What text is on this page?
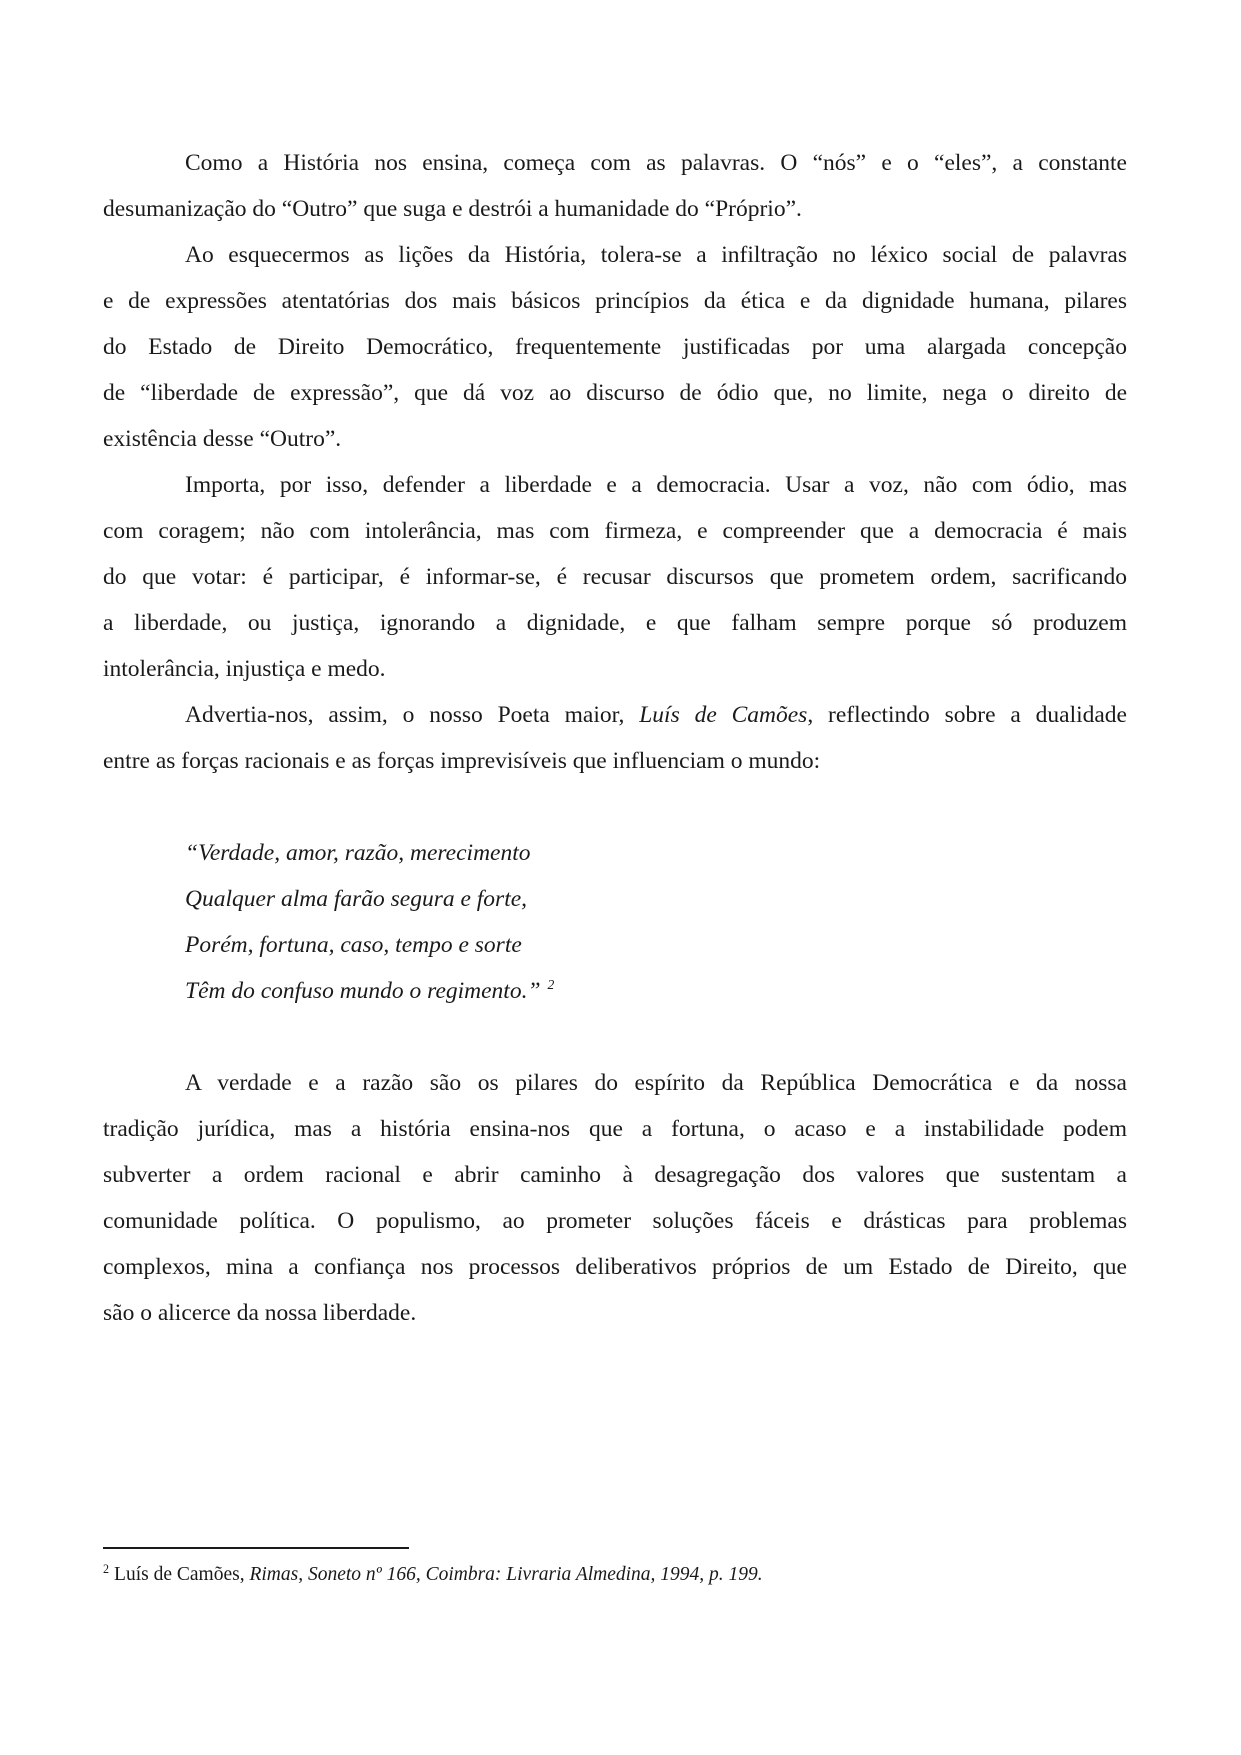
Como a História nos ensina, começa com as palavras. O “nós” e o “eles”, a constante
desumanização do “Outro” que suga e destrói a humanidade do “Próprio”.
Ao esquecermos as lições da História, tolera-se a infiltração no léxico social de palavras
e de expressões atentatórias dos mais básicos princípios da ética e da dignidade humana, pilares
do Estado de Direito Democrático, frequentemente justificadas por uma alargada concepção
de “liberdade de expressão”, que dá voz ao discurso de ódio que, no limite, nega o direito de
existência desse “Outro”.
Importa, por isso, defender a liberdade e a democracia. Usar a voz, não com ódio, mas
com coragem; não com intolerância, mas com firmeza, e compreender que a democracia é mais
do que votar: é participar, é informar-se, é recusar discursos que prometem ordem, sacrificando
a liberdade, ou justiça, ignorando a dignidade, e que falham sempre porque só produzem
intolerância, injustiça e medo.
Advertia-nos, assim, o nosso Poeta maior, Luís de Camões, reflectindo sobre a dualidade
entre as forças racionais e as forças imprevisíveis que influenciam o mundo:
“Verdade, amor, razão, merecimento
Qualquer alma farão segura e forte,
Porém, fortuna, caso, tempo e sorte
Têm do confuso mundo o regimento.” $^2$
A verdade e a razão são os pilares do espírito da República Democrática e da nossa
tradição jurídica, mas a história ensina-nos que a fortuna, o acaso e a instabilidade podem
subverter a ordem racional e abrir caminho à desagregação dos valores que sustentam a
comunidade política. O populismo, ao prometer soluções fáceis e drásticas para problemas
complexos, mina a confiança nos processos deliberativos próprios de um Estado de Direito, que
são o alicerce da nossa liberdade.

$^2$ Luís de Camões, Rimas, Soneto nº 166, Coimbra: Livraria Almedina, 1994, p. 199.
